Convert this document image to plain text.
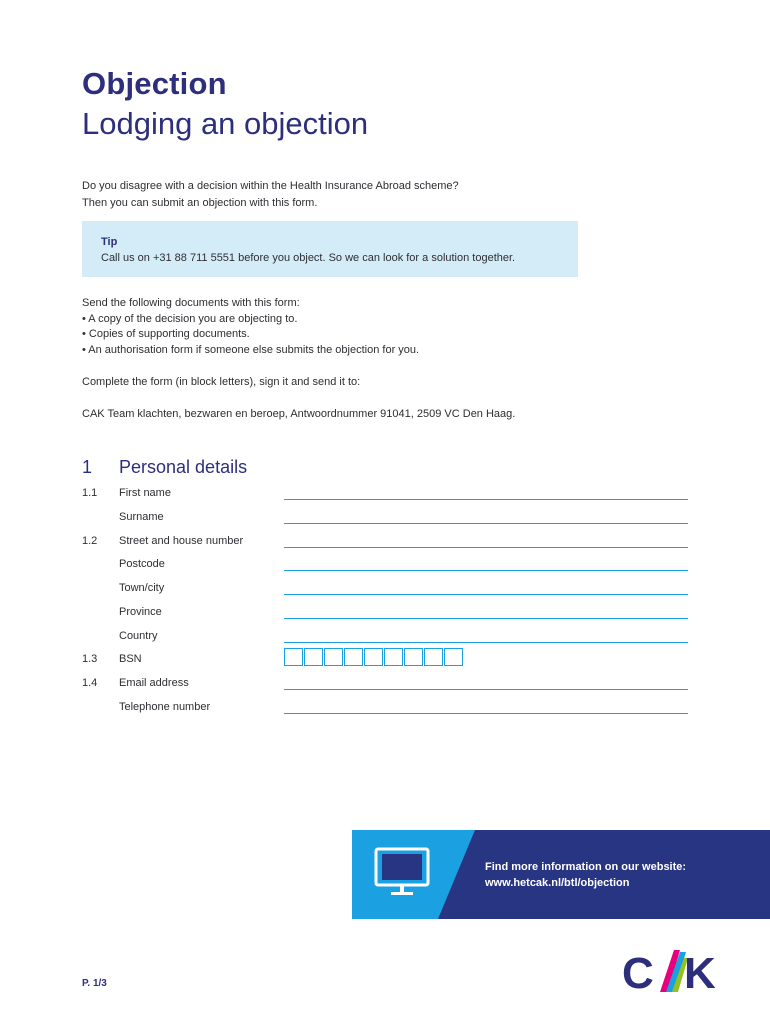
Objection
Lodging an objection
Do you disagree with a decision within the Health Insurance Abroad scheme?
Then you can submit an objection with this form.
Tip
Call us on +31 88 711 5551 before you object. So we can look for a solution together.
Send the following documents with this form:
• A copy of the decision you are objecting to.
• Copies of supporting documents.
• An authorisation form if someone else submits the objection for you.
Complete the form (in block letters), sign it and send it to:
CAK Team klachten, bezwaren en beroep, Antwoordnummer 91041, 2509 VC Den Haag.
1 Personal details
1.1 First name
Surname
1.2 Street and house number
Postcode
Town/city
Province
Country
1.3 BSN
1.4 Email address
Telephone number
Find more information on our website:
www.hetcak.nl/btl/objection
P. 1/3	C K
